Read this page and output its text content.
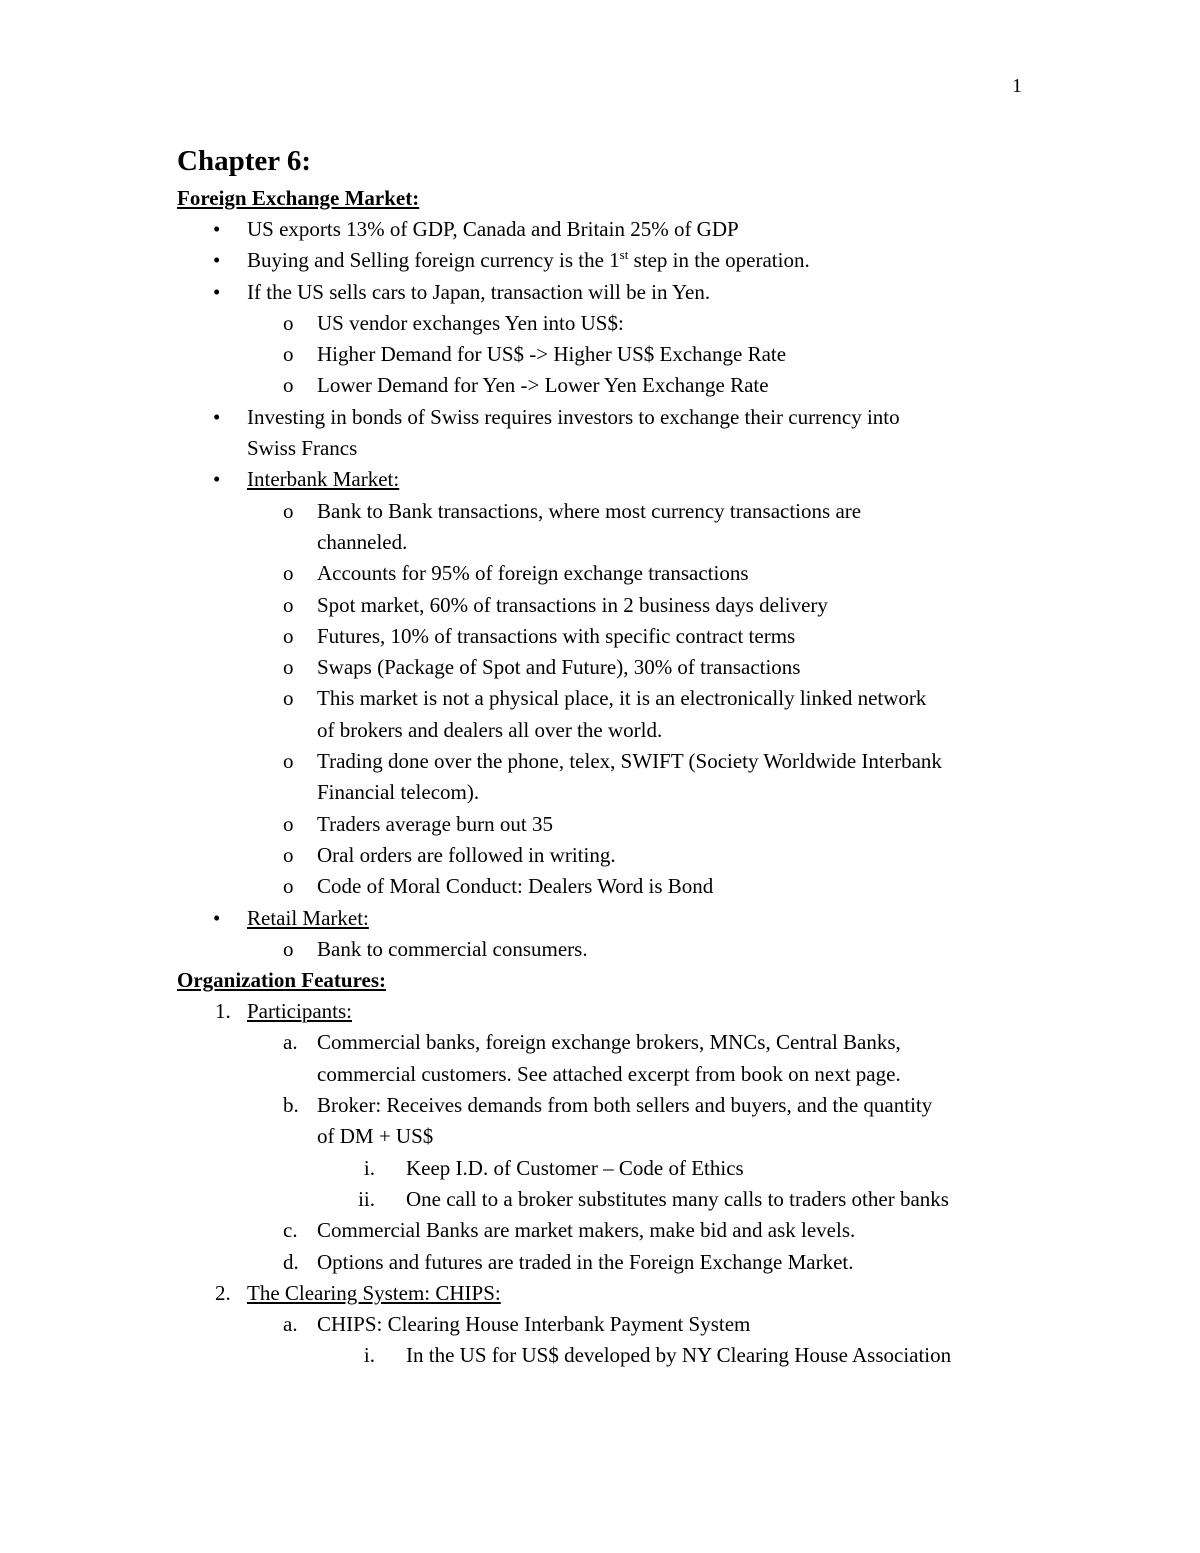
1
Chapter 6:
Foreign Exchange Market:
• US exports 13% of GDP, Canada and Britain 25% of GDP
• Buying and Selling foreign currency is the 1st step in the operation.
• If the US sells cars to Japan, transaction will be in Yen.
o US vendor exchanges Yen into US$:
o Higher Demand for US$ -> Higher US$ Exchange Rate
o Lower Demand for Yen -> Lower Yen Exchange Rate
• Investing in bonds of Swiss requires investors to exchange their currency into
Swiss Francs
• Interbank Market:
o Bank to Bank transactions, where most currency transactions are
channeled.
o Accounts for 95% of foreign exchange transactions
o Spot market, 60% of transactions in 2 business days delivery
o Futures, 10% of transactions with specific contract terms
o Swaps (Package of Spot and Future), 30% of transactions
o This market is not a physical place, it is an electronically linked network
of brokers and dealers all over the world.
o Trading done over the phone, telex, SWIFT (Society Worldwide Interbank
Financial telecom).
o Traders average burn out 35
o Oral orders are followed in writing.
o Code of Moral Conduct: Dealers Word is Bond
• Retail Market:
o Bank to commercial consumers.
Organization Features:
1. Participants:
a. Commercial banks, foreign exchange brokers, MNCs, Central Banks,
commercial customers. See attached excerpt from book on next page.
b. Broker: Receives demands from both sellers and buyers, and the quantity
of DM + US$
i. Keep I.D. of Customer – Code of Ethics
ii. One call to a broker substitutes many calls to traders other banks
c. Commercial Banks are market makers, make bid and ask levels.
d. Options and futures are traded in the Foreign Exchange Market.
2. The Clearing System: CHIPS:
a. CHIPS: Clearing House Interbank Payment System
i. In the US for US$ developed by NY Clearing House Association
